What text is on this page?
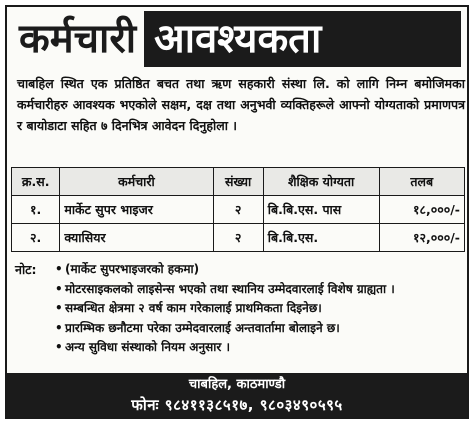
कर्मचारी आवश्यकता
चाबहिल स्थित एक प्रतिष्ठित बचत तथा ऋण सहकारी संस्था लि. को लागि निम्न बमोजिमका कर्मचारीहरु आवश्यक भएकोले सक्षम, दक्ष तथा अनुभवी व्यक्तिहरूले आफ्नो योग्यताको प्रमाणपत्र र बायोडाटा सहित ७ दिनभित्र आवेदन दिनुहोला ।
क्र.स.	कर्मचारी	संख्या	शैक्षिक योग्यता	तलब
१.	मार्केट सुपर भाइजर	२	बि.बि.एस. पास	१८,०००/-
२.	क्यासियर	२	बि.बि.एस.	१२,०००/-
नोट:	• (मार्केट सुपरभाइजरको हकमा)
• मोटरसाइकलको लाइसेन्स भएको तथा स्थानिय उम्मेदवारलाई विशेष ग्राह्यता ।
• सम्बन्धित क्षेत्रमा २ वर्ष काम गरेकालाई प्राथमिकता दिइनेछ।
• प्रारम्भिक छनौटमा परेका उम्मेदवारलाई अन्तवार्तामा बोलाइने छ।
• अन्य सुविधा संस्थाको नियम अनुसार ।
चाबहिल, काठमाण्डौ
फोनः ९८४११३८५१७, ९८०३४९०५९५
